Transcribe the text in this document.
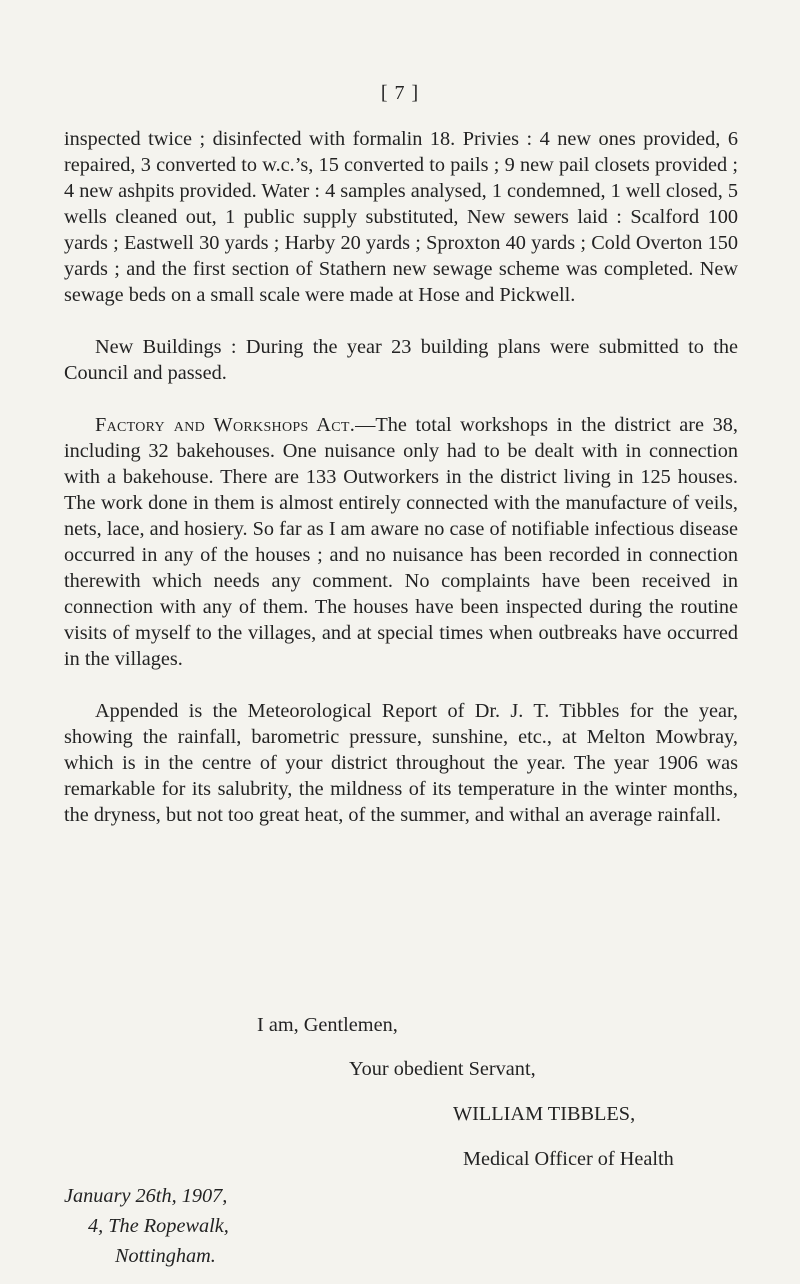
[ 7 ]

inspected twice ; disinfected with formalin 18. Privies : 4 new ones provided, 6 repaired, 3 converted to w.c.’s, 15 converted to pails ; 9 new pail closets provided ; 4 new ashpits provided. Water : 4 samples analysed, 1 condemned, 1 well closed, 5 wells cleaned out, 1 public supply substituted, New sewers laid : Scalford 100 yards ; Eastwell 30 yards ; Harby 20 yards ; Sproxton 40 yards ; Cold Overton 150 yards ; and the first section of Stathern new sewage scheme was completed. New sewage beds on a small scale were made at Hose and Pickwell.

New Buildings : During the year 23 building plans were submitted to the Council and passed.

Factory and Workshops Act.—The total workshops in the district are 38, including 32 bakehouses. One nuisance only had to be dealt with in connection with a bakehouse. There are 133 Outworkers in the district living in 125 houses. The work done in them is almost entirely connected with the manufacture of veils, nets, lace, and hosiery. So far as I am aware no case of notifiable infectious disease occurred in any of the houses ; and no nuisance has been recorded in connection therewith which needs any comment. No complaints have been received in connection with any of them. The houses have been inspected during the routine visits of myself to the villages, and at special times when outbreaks have occurred in the villages.

Appended is the Meteorological Report of Dr. J. T. Tibbles for the year, showing the rainfall, barometric pressure, sunshine, etc., at Melton Mowbray, which is in the centre of your district throughout the year. The year 1906 was remarkable for its salubrity, the mildness of its temperature in the winter months, the dryness, but not too great heat, of the summer, and withal an average rainfall.

I am, Gentlemen,
Your obedient Servant,
WILLIAM TIBBLES,
Medical Officer of Health
January 26th, 1907,
4, The Ropewalk,
Nottingham.
